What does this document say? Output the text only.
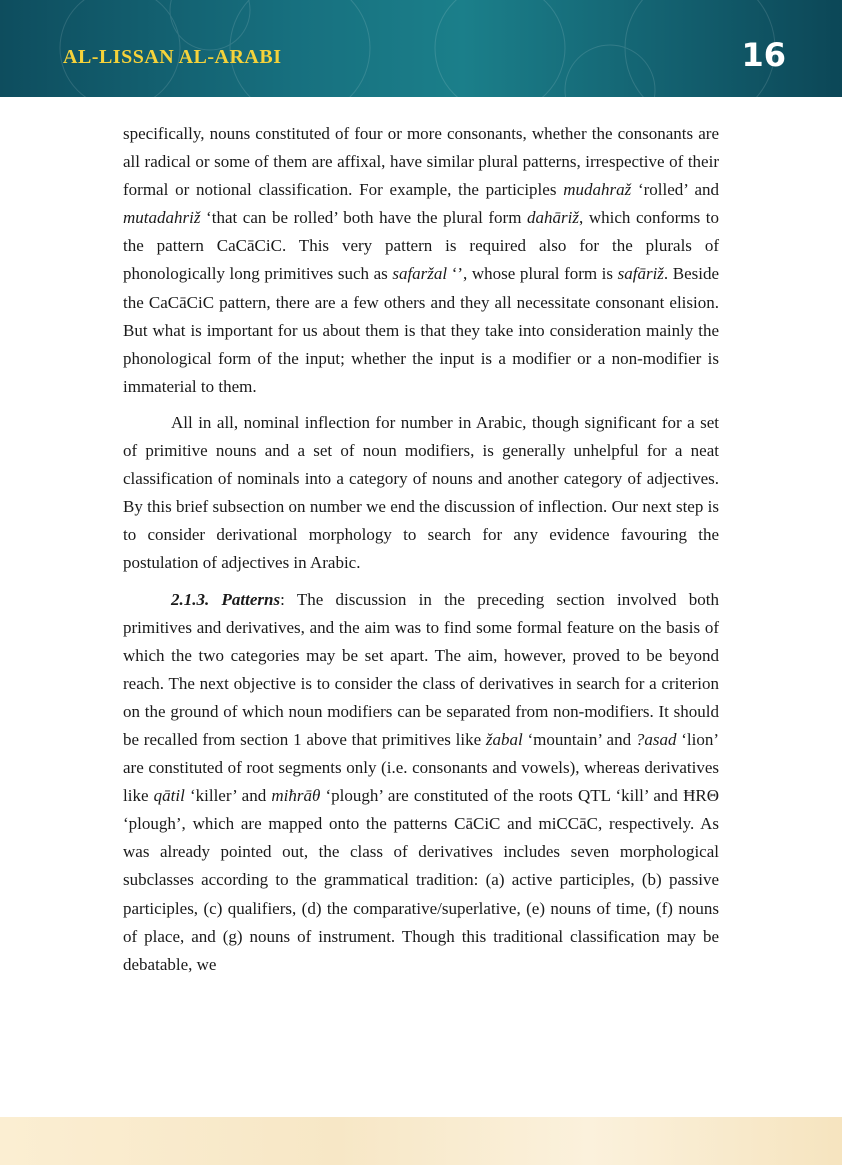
AL-LISSAN AL-ARABI	16

specifically, nouns constituted of four or more consonants, whether the consonants are all radical or some of them are affixal, have similar plural patterns, irrespective of their formal or notional classification. For example, the participles mudahraž ‘rolled’ and mutadahriž ‘that can be rolled’ both have the plural form dahāriž, which conforms to the pattern CaCāCiC. This very pattern is required also for the plurals of phonologically long primitives such as safaržal ‘’, whose plural form is safāriž. Beside the CaCāCiC pattern, there are a few others and they all necessitate consonant elision. But what is important for us about them is that they take into consideration mainly the phonological form of the input; whether the input is a modifier or a non-modifier is immaterial to them.

All in all, nominal inflection for number in Arabic, though significant for a set of primitive nouns and a set of noun modifiers, is generally unhelpful for a neat classification of nominals into a category of nouns and another category of adjectives. By this brief subsection on number we end the discussion of inflection. Our next step is to consider derivational morphology to search for any evidence favouring the postulation of adjectives in Arabic.

2.1.3. Patterns: The discussion in the preceding section involved both primitives and derivatives, and the aim was to find some formal feature on the basis of which the two categories may be set apart. The aim, however, proved to be beyond reach. The next objective is to consider the class of derivatives in search for a criterion on the ground of which noun modifiers can be separated from non-modifiers. It should be recalled from section 1 above that primitives like žabal ‘mountain’ and ?asad ‘lion’ are constituted of root segments only (i.e. consonants and vowels), whereas derivatives like qātil ‘killer’ and miħrāθ ‘plough’ are constituted of the roots QTL ‘kill’ and ĦRΘ ‘plough’, which are mapped onto the patterns CāCiC and miCCāC, respectively. As was already pointed out, the class of derivatives includes seven morphological subclasses according to the grammatical tradition: (a) active participles, (b) passive participles, (c) qualifiers, (d) the comparative/superlative, (e) nouns of time, (f) nouns of place, and (g) nouns of instrument. Though this traditional classification may be debatable, we
